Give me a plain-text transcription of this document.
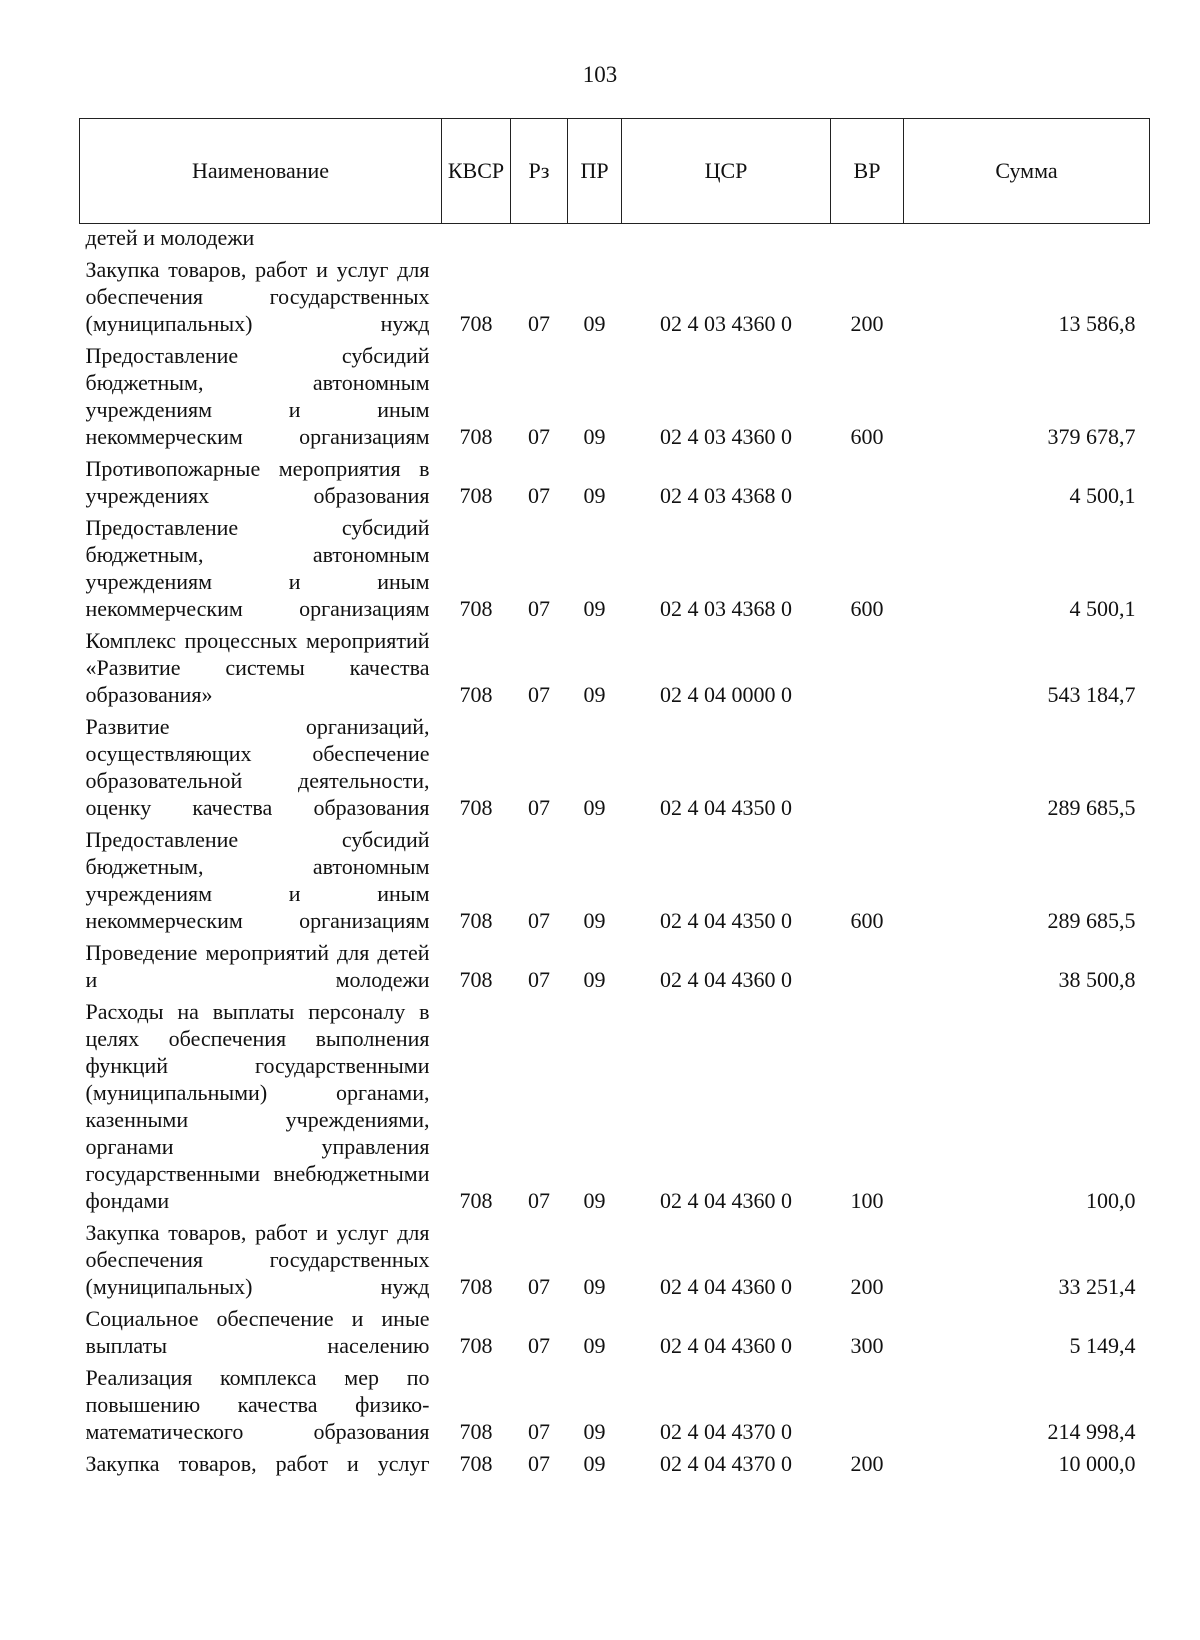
103
Наименование	КВСР	Рз	ПР	ЦСР	ВР	Сумма
детей и молодежи						
Закупка товаров, работ и услуг для обеспечения государственных (муниципальных) нужд	708	07	09	02 4 03 4360 0	200	13 586,8
Предоставление субсидий бюджетным, автономным учреждениям и иным некоммерческим организациям	708	07	09	02 4 03 4360 0	600	379 678,7
Противопожарные мероприятия в учреждениях образования	708	07	09	02 4 03 4368 0		4 500,1
Предоставление субсидий бюджетным, автономным учреждениям и иным некоммерческим организациям	708	07	09	02 4 03 4368 0	600	4 500,1
Комплекс процессных мероприятий «Развитие системы качества образования»	708	07	09	02 4 04 0000 0		543 184,7
Развитие организаций, осуществляющих обеспечение образовательной деятельности, оценку качества образования	708	07	09	02 4 04 4350 0		289 685,5
Предоставление субсидий бюджетным, автономным учреждениям и иным некоммерческим организациям	708	07	09	02 4 04 4350 0	600	289 685,5
Проведение мероприятий для детей и молодежи	708	07	09	02 4 04 4360 0		38 500,8
Расходы на выплаты персоналу в целях обеспечения выполнения функций государственными (муниципальными) органами, казенными учреждениями, органами управления государственными внебюджетными фондами	708	07	09	02 4 04 4360 0	100	100,0
Закупка товаров, работ и услуг для обеспечения государственных (муниципальных) нужд	708	07	09	02 4 04 4360 0	200	33 251,4
Социальное обеспечение и иные выплаты населению	708	07	09	02 4 04 4360 0	300	5 149,4
Реализация комплекса мер по повышению качества физико-математического образования	708	07	09	02 4 04 4370 0		214 998,4
Закупка товаров, работ и услуг	708	07	09	02 4 04 4370 0	200	10 000,0
